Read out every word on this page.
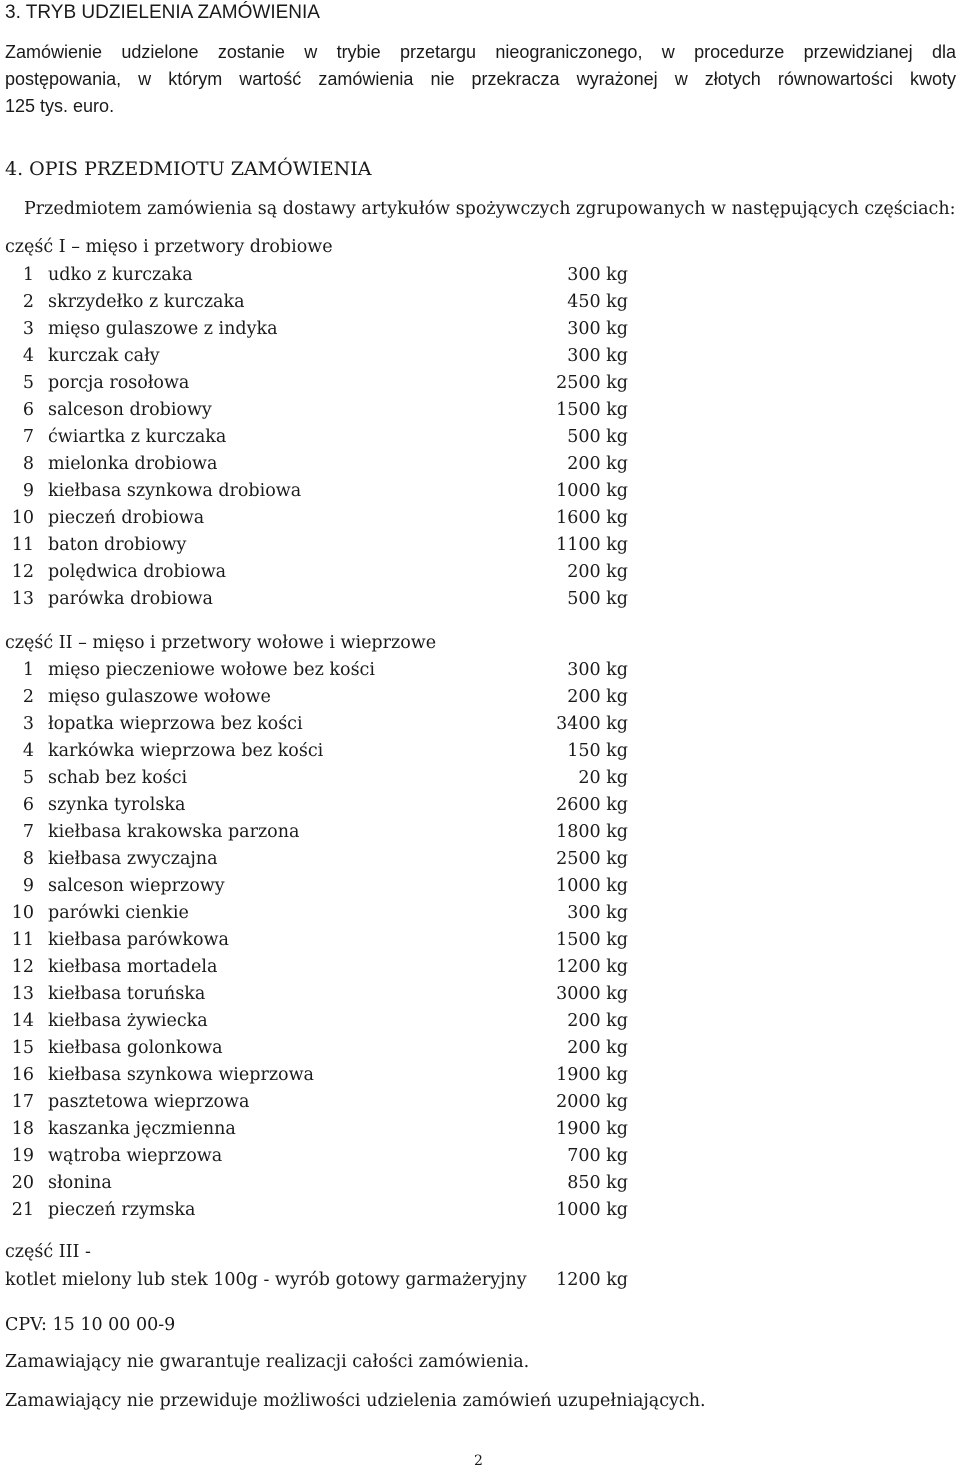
3. TRYB UDZIELENIA ZAMÓWIENIA
Zamówienie udzielone zostanie w trybie przetargu nieograniczonego, w procedurze przewidzianej dla
postępowania, w którym wartość zamówienia nie przekracza wyrażonej w złotych równowartości kwoty
125 tys. euro.
4. OPIS PRZEDMIOTU ZAMÓWIENIA
Przedmiotem zamówienia są dostawy artykułów spożywczych zgrupowanych w następujących częściach:
część I – mięso i przetwory drobiowe
1 udko z kurczaka	300 kg
2 skrzydełko z kurczaka	450 kg
3 mięso gulaszowe z indyka	300 kg
4 kurczak cały	300 kg
5 porcja rosołowa	2500 kg
6 salceson drobiowy	1500 kg
7 ćwiartka z kurczaka	500 kg
8 mielonka drobiowa	200 kg
9 kiełbasa szynkowa drobiowa	1000 kg
10 pieczeń drobiowa	1600 kg
11 baton drobiowy	1100 kg
12 polędwica drobiowa	200 kg
13 parówka drobiowa	500 kg
część II – mięso i przetwory wołowe i wieprzowe
1 mięso pieczeniowe wołowe bez kości	300 kg
2 mięso gulaszowe wołowe	200 kg
3 łopatka wieprzowa bez kości	3400 kg
4 karkówka wieprzowa bez kości	150 kg
5 schab bez kości	20 kg
6 szynka tyrolska	2600 kg
7 kiełbasa krakowska parzona	1800 kg
8 kiełbasa zwyczajna	2500 kg
9 salceson wieprzowy	1000 kg
10 parówki cienkie	300 kg
11 kiełbasa parówkowa	1500 kg
12 kiełbasa mortadela	1200 kg
13 kiełbasa toruńska	3000 kg
14 kiełbasa żywiecka	200 kg
15 kiełbasa golonkowa	200 kg
16 kiełbasa szynkowa wieprzowa	1900 kg
17 pasztetowa wieprzowa	2000 kg
18 kaszanka jęczmienna	1900 kg
19 wątroba wieprzowa	700 kg
20 słonina	850 kg
21 pieczeń rzymska	1000 kg
część III -
kotlet mielony lub stek 100g - wyrób gotowy garmażeryjny	1200 kg
CPV: 15 10 00 00-9
Zamawiający nie gwarantuje realizacji całości zamówienia.
Zamawiający nie przewiduje możliwości udzielenia zamówień uzupełniających.
2
